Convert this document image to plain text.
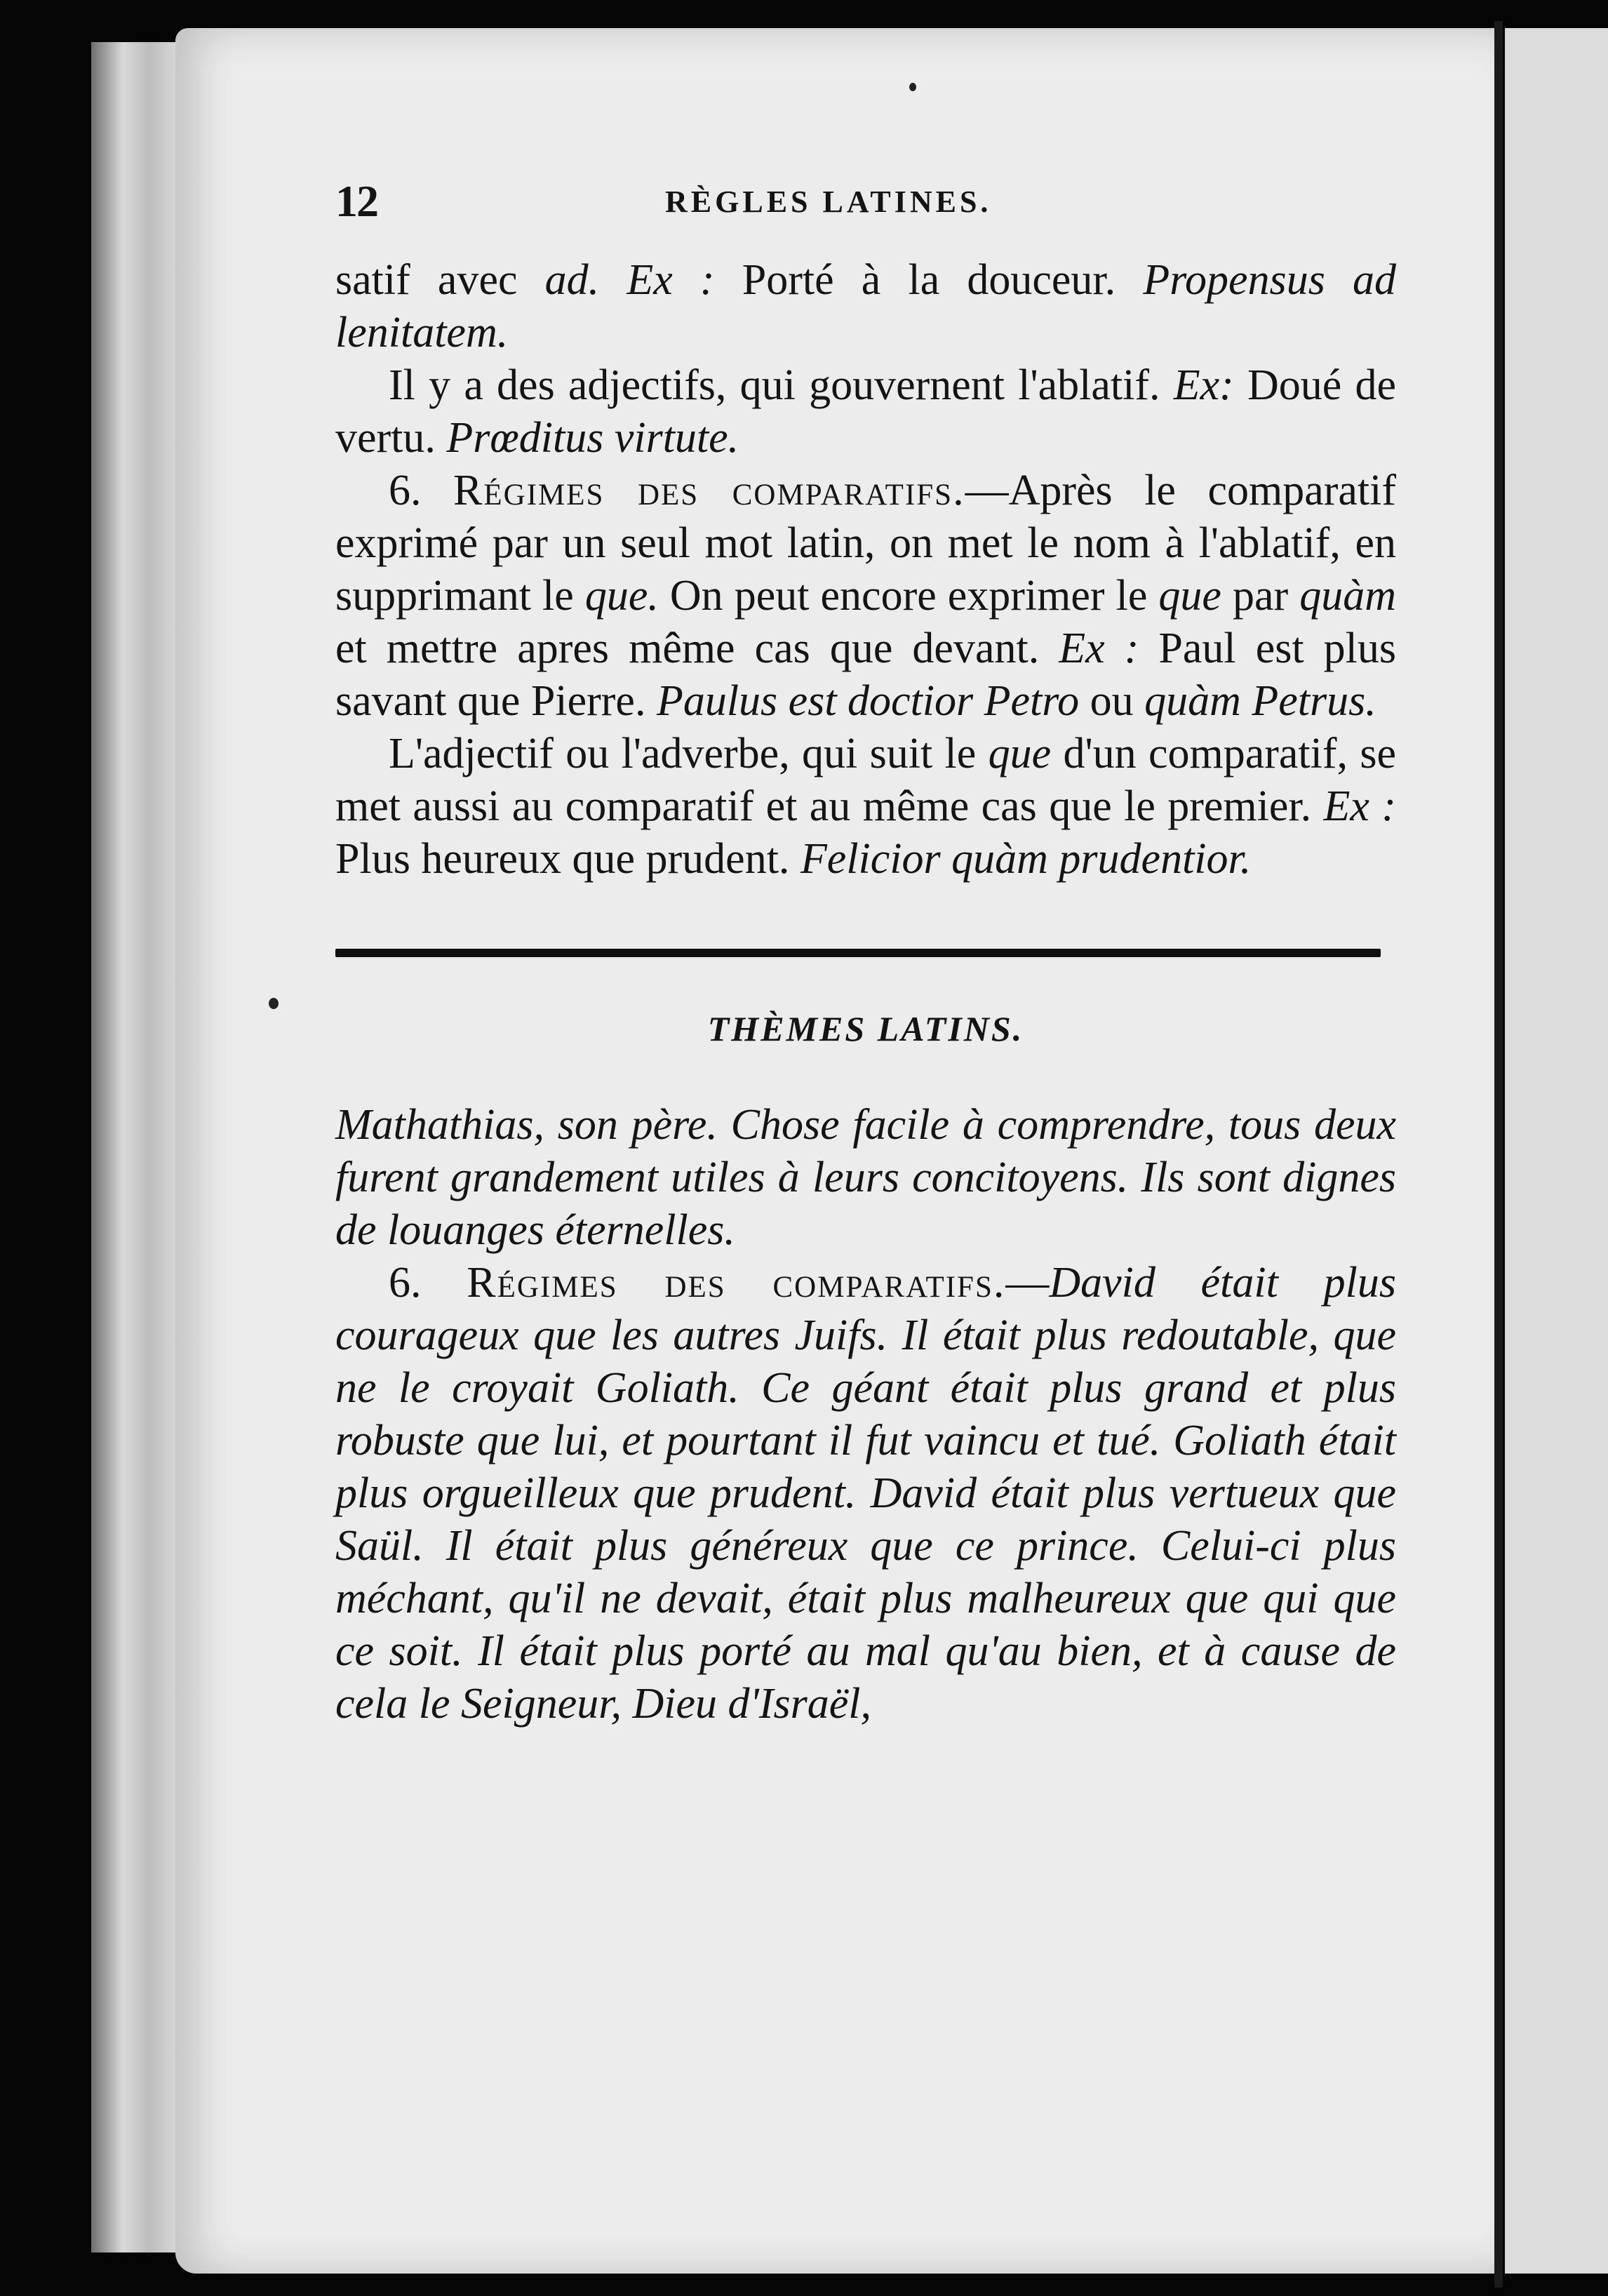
12	RÈGLES LATINES.

satif avec ad. Ex : Porté à la douceur. Propensus ad lenitatem.

Il y a des adjectifs, qui gouvernent l'ablatif. Ex: Doué de vertu. Prœditus virtute.

6. Régimes des comparatifs.—Après le comparatif exprimé par un seul mot latin, on met le nom à l'ablatif, en supprimant le que. On peut encore exprimer le que par quàm et mettre apres même cas que devant. Ex : Paul est plus savant que Pierre. Paulus est doctior Petro ou quàm Petrus.

L'adjectif ou l'adverbe, qui suit le que d'un comparatif, se met aussi au comparatif et au même cas que le premier. Ex : Plus heureux que prudent. Felicior quàm prudentior.

THÈMES LATINS.

Mathathias, son père. Chose facile à comprendre, tous deux furent grandement utiles à leurs concitoyens. Ils sont dignes de louanges éternelles.

6. Régimes des comparatifs.—David était plus courageux que les autres Juifs. Il était plus redoutable, que ne le croyait Goliath. Ce géant était plus grand et plus robuste que lui, et pourtant il fut vaincu et tué. Goliath était plus orgueilleux que prudent. David était plus vertueux que Saül. Il était plus généreux que ce prince. Celui-ci plus méchant, qu'il ne devait, était plus malheureux que qui que ce soit. Il était plus porté au mal qu'au bien, et à cause de cela le Seigneur, Dieu d'Israël,
